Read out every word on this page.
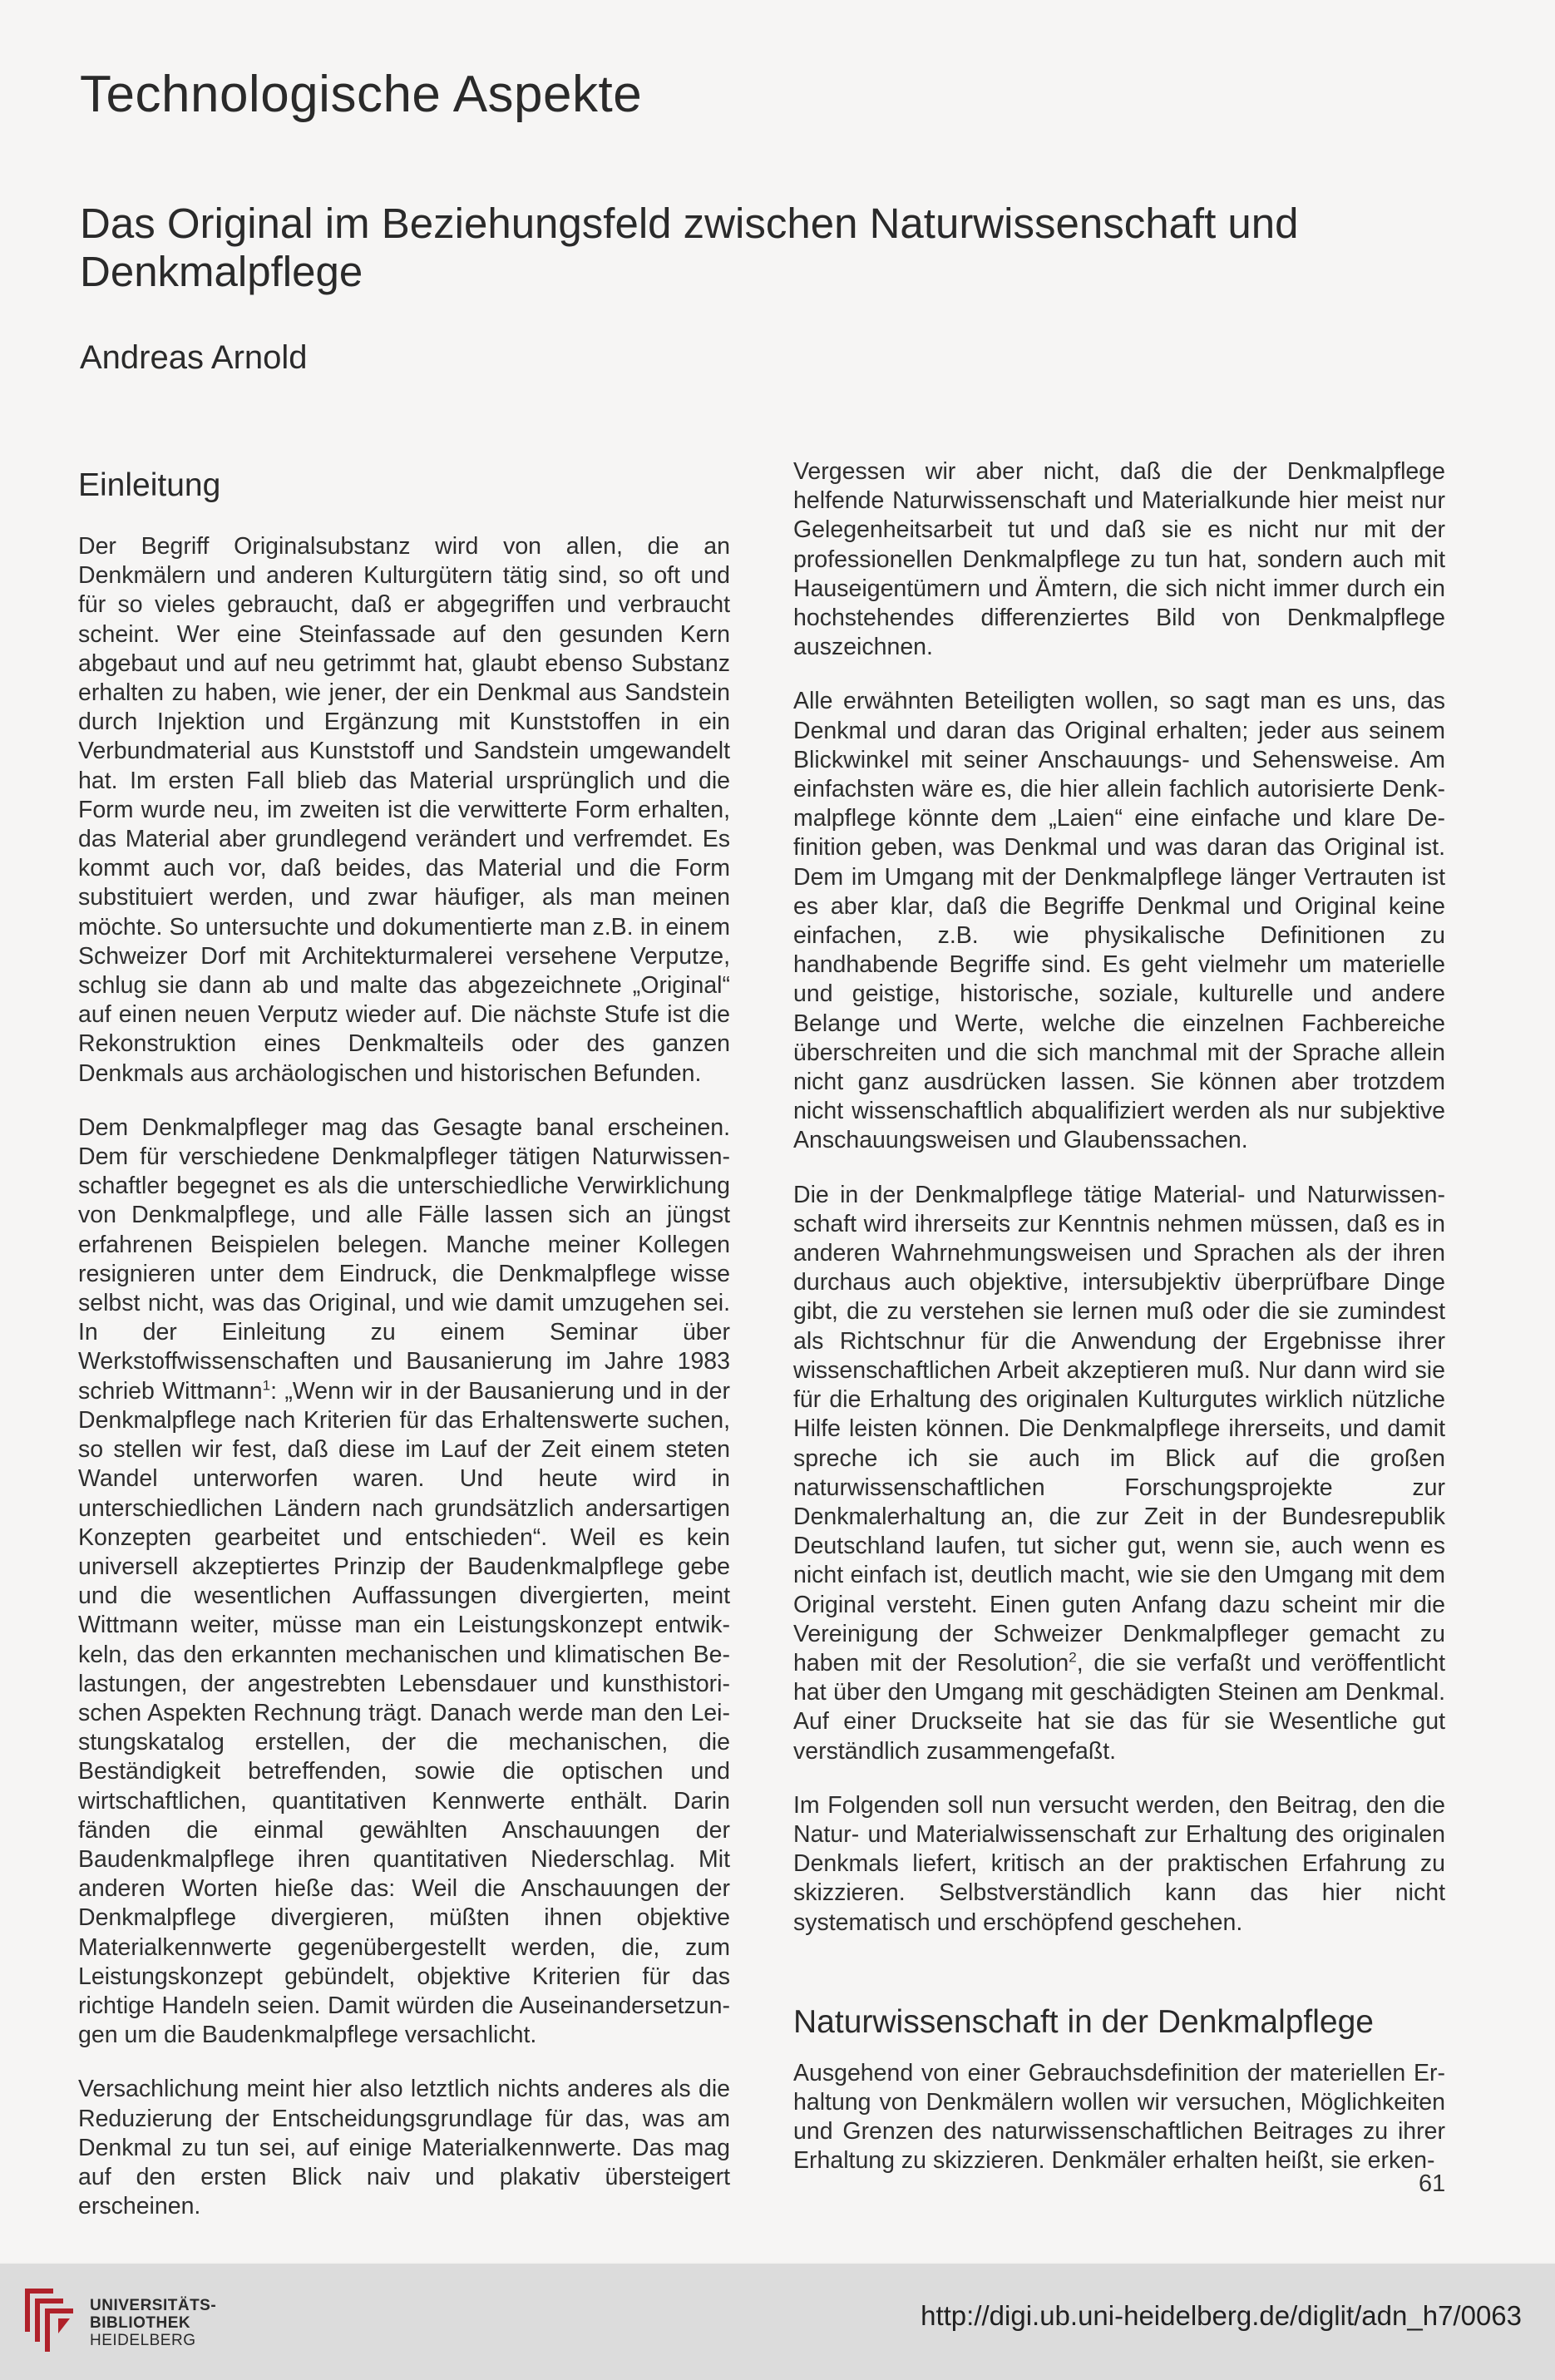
Technologische Aspekte
Das Original im Beziehungsfeld zwischen Naturwissenschaft und Denkmalpflege
Andreas Arnold
Einleitung

Der Begriff Originalsubstanz wird von allen, die an Denkmälern und anderen Kulturgütern tätig sind, so oft und für so vieles gebraucht, daß er abgegriffen und verbraucht scheint. Wer eine Steinfassade auf den gesunden Kern abgebaut und auf neu getrimmt hat, glaubt ebenso Substanz erhalten zu haben, wie jener, der ein Denkmal aus Sandstein durch Injektion und Ergänzung mit Kunststoffen in ein Verbundmaterial aus Kunststoff und Sandstein umgewandelt hat. Im ersten Fall blieb das Material ursprünglich und die Form wurde neu, im zweiten ist die verwitterte Form erhalten, das Material aber grundlegend verändert und verfremdet. Es kommt auch vor, daß beides, das Material und die Form substituiert werden, und zwar häufiger, als man meinen möchte. So untersuchte und dokumentierte man z.B. in einem Schweizer Dorf mit Architekturmalerei versehene Verputze, schlug sie dann ab und malte das abgezeichnete „Original“ auf einen neuen Verputz wieder auf. Die nächste Stufe ist die Rekonstruktion eines Denkmalteils oder des ganzen Denkmals aus archäologischen und historischen Befunden.

Dem Denkmalpfleger mag das Gesagte banal erscheinen. Dem für verschiedene Denkmalpfleger tätigen Naturwissenschaftler begegnet es als die unterschiedliche Verwirklichung von Denkmalpflege, und alle Fälle lassen sich an jüngst erfahrenen Beispielen belegen. Manche meiner Kollegen resignieren unter dem Eindruck, die Denkmalpflege wisse selbst nicht, was das Original, und wie damit umzugehen sei. In der Einleitung zu einem Seminar über Werkstoffwissenschaften und Bausanierung im Jahre 1983 schrieb Wittmann$^1$: „Wenn wir in der Bausanierung und in der Denkmalpflege nach Kriterien für das Erhaltenswerte suchen, so stellen wir fest, daß diese im Lauf der Zeit einem steten Wandel unterworfen waren. Und heute wird in unterschiedlichen Ländern nach grundsätzlich andersartigen Konzepten gearbeitet und entschieden“. Weil es kein universell akzeptiertes Prinzip der Baudenkmalpflege gebe und die wesentlichen Auffassungen divergierten, meint Wittmann weiter, müsse man ein Leistungskonzept entwikkeln, das den erkannten mechanischen und klimatischen Belastungen, der angestrebten Lebensdauer und kunsthistorischen Aspekten Rechnung trägt. Danach werde man den Leistungskatalog erstellen, der die mechanischen, die Beständigkeit betreffenden, sowie die optischen und wirtschaftlichen, quantitativen Kennwerte enthält. Darin fänden die einmal gewählten Anschauungen der Baudenkmalpflege ihren quantitativen Niederschlag. Mit anderen Worten hieße das: Weil die Anschauungen der Denkmalpflege divergieren, müßten ihnen objektive Materialkennwerte gegenübergestellt werden, die, zum Leistungskonzept gebündelt, objektive Kriterien für das richtige Handeln seien. Damit würden die Auseinandersetzungen um die Baudenkmalpflege versachlicht.

Versachlichung meint hier also letztlich nichts anderes als die Reduzierung der Entscheidungsgrundlage für das, was am Denkmal zu tun sei, auf einige Materialkennwerte. Das mag auf den ersten Blick naiv und plakativ übersteigert erscheinen.

Vergessen wir aber nicht, daß die der Denkmalpflege helfende Naturwissenschaft und Materialkunde hier meist nur Gelegenheitsarbeit tut und daß sie es nicht nur mit der professionellen Denkmalpflege zu tun hat, sondern auch mit Hauseigentümern und Ämtern, die sich nicht immer durch ein hochstehendes differenziertes Bild von Denkmalpflege auszeichnen.

Alle erwähnten Beteiligten wollen, so sagt man es uns, das Denkmal und daran das Original erhalten; jeder aus seinem Blickwinkel mit seiner Anschauungs- und Sehensweise. Am einfachsten wäre es, die hier allein fachlich autorisierte Denkmalpflege könnte dem „Laien“ eine einfache und klare Definition geben, was Denkmal und was daran das Original ist. Dem im Umgang mit der Denkmalpflege länger Vertrauten ist es aber klar, daß die Begriffe Denkmal und Original keine einfachen, z.B. wie physikalische Definitionen zu handhabende Begriffe sind. Es geht vielmehr um materielle und geistige, historische, soziale, kulturelle und andere Belange und Werte, welche die einzelnen Fachbereiche überschreiten und die sich manchmal mit der Sprache allein nicht ganz ausdrücken lassen. Sie können aber trotzdem nicht wissenschaftlich abqualifiziert werden als nur subjektive Anschauungsweisen und Glaubenssachen.

Die in der Denkmalpflege tätige Material- und Naturwissenschaft wird ihrerseits zur Kenntnis nehmen müssen, daß es in anderen Wahrnehmungsweisen und Sprachen als der ihren durchaus auch objektive, intersubjektiv überprüfbare Dinge gibt, die zu verstehen sie lernen muß oder die sie zumindest als Richtschnur für die Anwendung der Ergebnisse ihrer wissenschaftlichen Arbeit akzeptieren muß. Nur dann wird sie für die Erhaltung des originalen Kulturgutes wirklich nützliche Hilfe leisten können. Die Denkmalpflege ihrerseits, und damit spreche ich sie auch im Blick auf die großen naturwissenschaftlichen Forschungsprojekte zur Denkmalerhaltung an, die zur Zeit in der Bundesrepublik Deutschland laufen, tut sicher gut, wenn sie, auch wenn es nicht einfach ist, deutlich macht, wie sie den Umgang mit dem Original versteht. Einen guten Anfang dazu scheint mir die Vereinigung der Schweizer Denkmalpfleger gemacht zu haben mit der Resolution$^2$, die sie verfaßt und veröffentlicht hat über den Umgang mit geschädigten Steinen am Denkmal. Auf einer Druckseite hat sie das für sie Wesentliche gut verständlich zusammengefaßt.

Im Folgenden soll nun versucht werden, den Beitrag, den die Natur- und Materialwissenschaft zur Erhaltung des originalen Denkmals liefert, kritisch an der praktischen Erfahrung zu skizzieren. Selbstverständlich kann das hier nicht systematisch und erschöpfend geschehen.

Naturwissenschaft in der Denkmalpflege

Ausgehend von einer Gebrauchsdefinition der materiellen Erhaltung von Denkmälern wollen wir versuchen, Möglichkeiten und Grenzen des naturwissenschaftlichen Beitrages zu ihrer Erhaltung zu skizzieren. Denkmäler erhalten heißt, sie erken-

61
UNIVERSITÄTS-
BIBLIOTHEK
HEIDELBERG
http://digi.ub.uni-heidelberg.de/diglit/adn_h7/0063
